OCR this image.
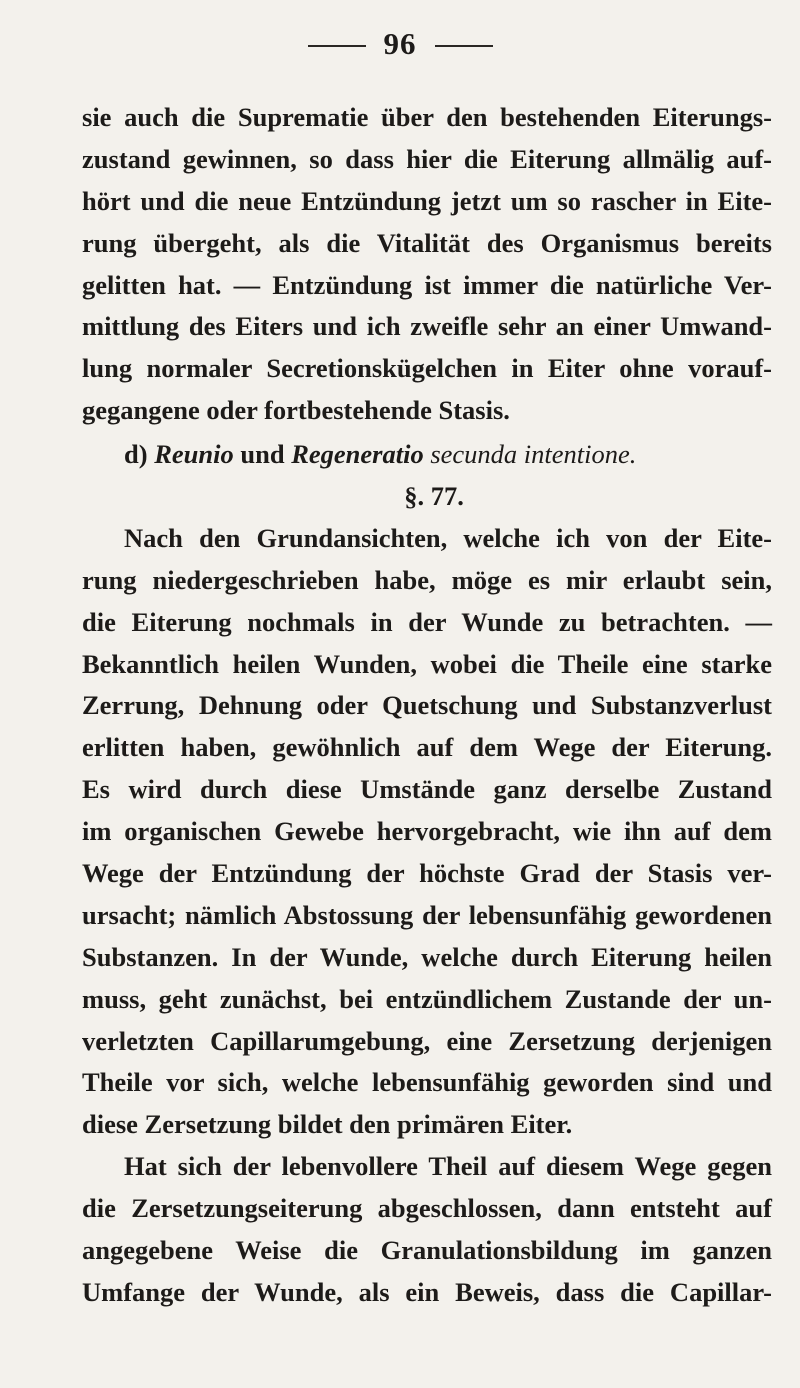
96
sie auch die Suprematie über den bestehenden Eiterungs-
zustand gewinnen, so dass hier die Eiterung allmälig auf-
hört und die neue Entzündung jetzt um so rascher in Eite-
rung übergeht, als die Vitalität des Organismus bereits
gelitten hat. — Entzündung ist immer die natürliche Ver-
mittlung des Eiters und ich zweifle sehr an einer Umwand-
lung normaler Secretionskügelchen in Eiter ohne vorauf-
gegangene oder fortbestehende Stasis.
d) Reunio und Regeneratio secunda intentione.
§. 77.
Nach den Grundansichten, welche ich von der Eite-
rung niedergeschrieben habe, möge es mir erlaubt sein,
die Eiterung nochmals in der Wunde zu betrachten. —
Bekanntlich heilen Wunden, wobei die Theile eine starke
Zerrung, Dehnung oder Quetschung und Substanzverlust
erlitten haben, gewöhnlich auf dem Wege der Eiterung.
Es wird durch diese Umstände ganz derselbe Zustand
im organischen Gewebe hervorgebracht, wie ihn auf dem
Wege der Entzündung der höchste Grad der Stasis ver-
ursacht; nämlich Abstossung der lebensunfähig gewordenen
Substanzen. In der Wunde, welche durch Eiterung heilen
muss, geht zunächst, bei entzündlichem Zustande der un-
verletzten Capillarumgebung, eine Zersetzung derjenigen
Theile vor sich, welche lebensunfähig geworden sind und
diese Zersetzung bildet den primären Eiter.
Hat sich der lebenvollere Theil auf diesem Wege gegen
die Zersetzungseiterung abgeschlossen, dann entsteht auf
angegebene Weise die Granulationsbildung im ganzen
Umfange der Wunde, als ein Beweis, dass die Capillar-
